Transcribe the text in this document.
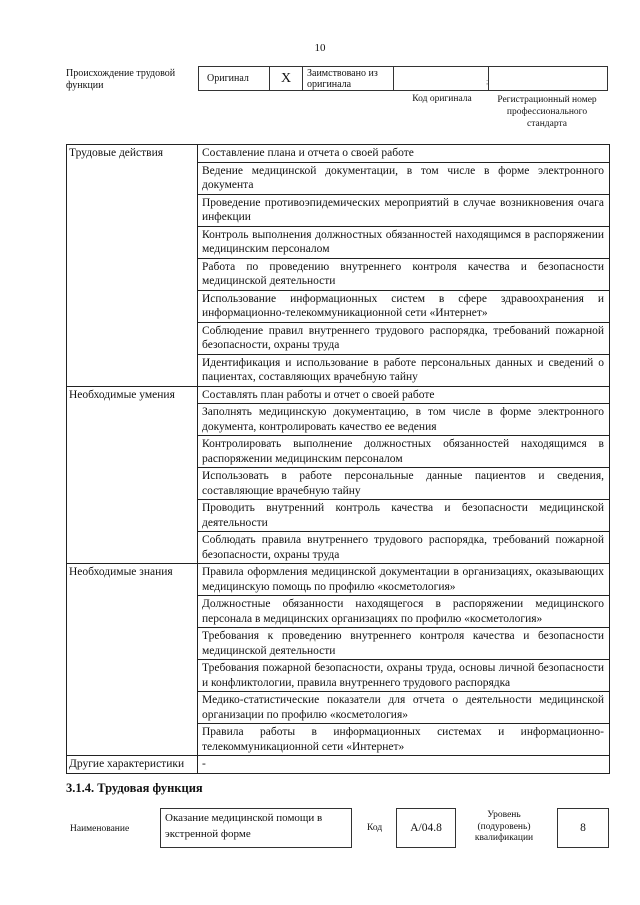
10
Происхождение трудовой функции
Оригинал	X	Заимствовано из оригинала	;
Код оригинала	Регистрационный номер профессионального стандарта
Трудовые действия	Составление плана и отчета о своей работе
Ведение медицинской документации, в том числе в форме электронного документа
Проведение противоэпидемических мероприятий в случае возникновения очага инфекции
Контроль выполнения должностных обязанностей находящимся в распоряжении медицинским персоналом
Работа по проведению внутреннего контроля качества и безопасности медицинской деятельности
Использование информационных систем в сфере здравоохранения и информационно-телекоммуникационной сети «Интернет»
Соблюдение правил внутреннего трудового распорядка, требований пожарной безопасности, охраны труда
Идентификация и использование в работе персональных данных и сведений о пациентах, составляющих врачебную тайну
Необходимые умения	Составлять план работы и отчет о своей работе
Заполнять медицинскую документацию, в том числе в форме электронного документа, контролировать качество ее ведения
Контролировать выполнение должностных обязанностей находящимся в распоряжении медицинским персоналом
Использовать в работе персональные данные пациентов и сведения, составляющие врачебную тайну
Проводить внутренний контроль качества и безопасности медицинской деятельности
Соблюдать правила внутреннего трудового распорядка, требований пожарной безопасности, охраны труда
Необходимые знания	Правила оформления медицинской документации в организациях, оказывающих медицинскую помощь по профилю «косметология»
Должностные обязанности находящегося в распоряжении медицинского персонала в медицинских организациях по профилю «косметология»
Требования к проведению внутреннего контроля качества и безопасности медицинской деятельности
Требования пожарной безопасности, охраны труда, основы личной безопасности и конфликтологии, правила внутреннего трудового распорядка
Медико-статистические показатели для отчета о деятельности медицинской организации по профилю «косметология»
Правила работы в информационных системах и информационно-телекоммуникационной сети «Интернет»
Другие характеристики	-
3.1.4. Трудовая функция
Наименование
Оказание медицинской помощи в экстренной форме	Код	А/04.8
Уровень (подуровень) квалификации
8
